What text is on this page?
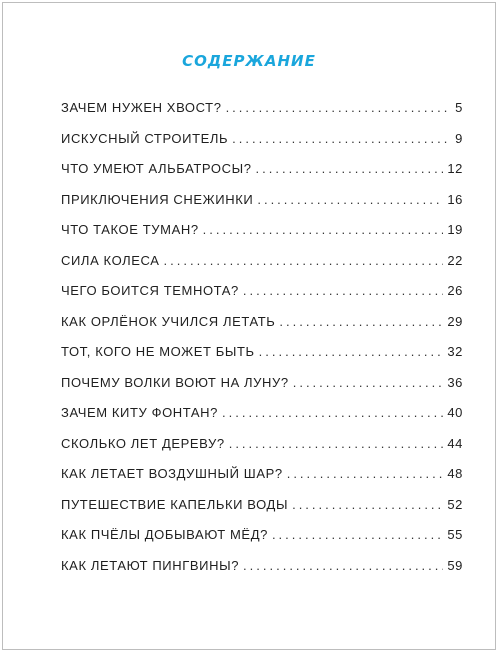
СОДЕРЖАНИЕ
ЗАЧЕМ НУЖЕН ХВОСТ? .....	5
ИСКУСНЫЙ СТРОИТЕЛЬ .....	9
ЧТО УМЕЮТ АЛЬБАТРОСЫ? .....	12
ПРИКЛЮЧЕНИЯ СНЕЖИНКИ .....	16
ЧТО ТАКОЕ ТУМАН? .....	19
СИЛА КОЛЕСА .....	22
ЧЕГО БОИТСЯ ТЕМНОТА? .....	26
КАК ОРЛЁНОК УЧИЛСЯ ЛЕТАТЬ .....	29
ТОТ, КОГО НЕ МОЖЕТ БЫТЬ .....	32
ПОЧЕМУ ВОЛКИ ВОЮТ НА ЛУНУ? .....	36
ЗАЧЕМ КИТУ ФОНТАН? .....	40
СКОЛЬКО ЛЕТ ДЕРЕВУ? .....	44
КАК ЛЕТАЕТ ВОЗДУШНЫЙ ШАР? .....	48
ПУТЕШЕСТВИЕ КАПЕЛЬКИ ВОДЫ .....	52
КАК ПЧЁЛЫ ДОБЫВАЮТ МЁД? .....	55
КАК ЛЕТАЮТ ПИНГВИНЫ? .....	59
